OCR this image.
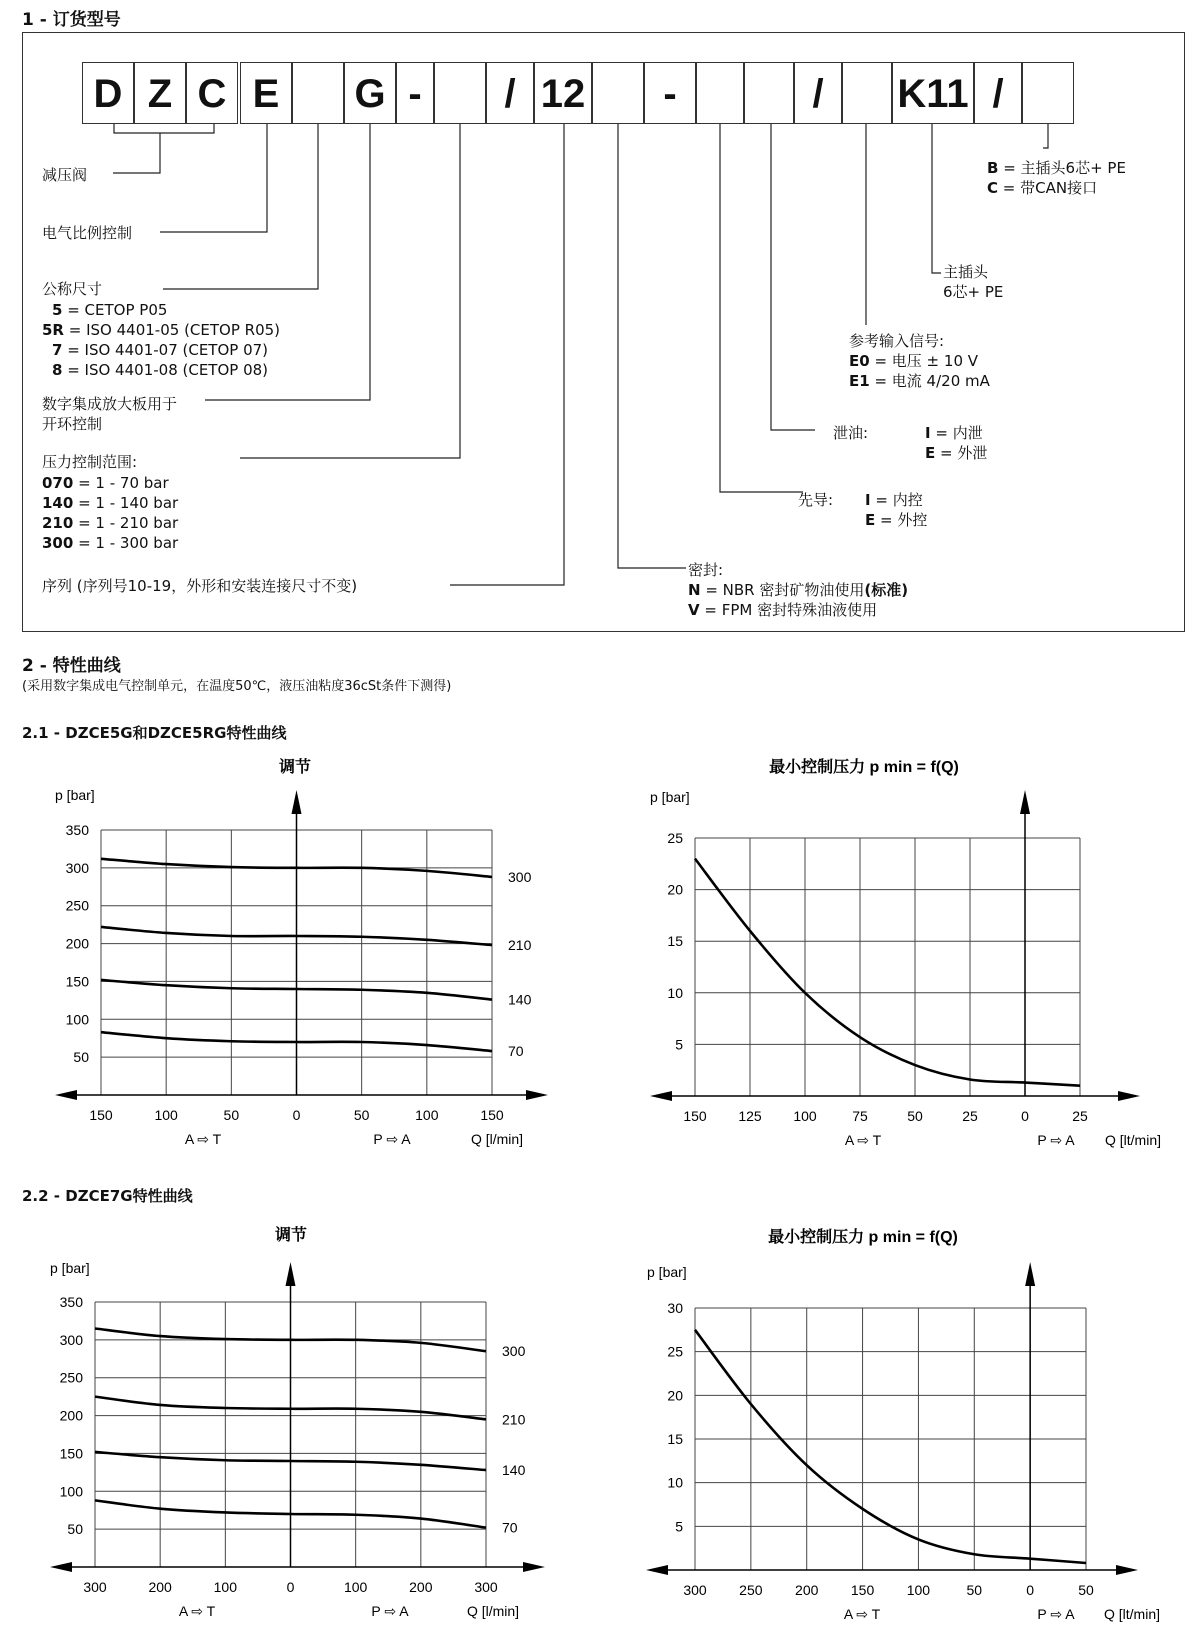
1 - 订货型号
D Z C E	G -	/ 12	-	/	K11 /
减压阀
电气比例控制
公称尺寸
5 = CETOP P05
5R = ISO 4401-05 (CETOP R05)
7 = ISO 4401-07 (CETOP 07)
8 = ISO 4401-08 (CETOP 08)
数字集成放大板用于
开环控制
压力控制范围:
070 = 1 - 70 bar
140 = 1 - 140 bar
210 = 1 - 210 bar
300 = 1 - 300 bar
序列 (序列号10-19，外形和安装连接尺寸不变)
B = 主插头6芯+ PE
C = 带CAN接口
主插头
6芯+ PE
参考输入信号:
E0 = 电压 ± 10 V
E1 = 电流 4/20 mA
泄油:	I = 内泄
E = 外泄
先导: I = 内控
E = 外控
密封:
N = NBR 密封矿物油使用(标准)
V = FPM 密封特殊油液使用
2 - 特性曲线
(采用数字集成电气控制单元，在温度50℃，液压油粘度36cSt条件下测得)
2.1 - DZCE5G和DZCE5RG特性曲线
2.2 - DZCE7G特性曲线
350
300
250
200
150
100
50
150	100	50	0	50	100	150
调节
p [bar]
A ⇨ T	P ⇨ A	Q [l/min]
300
210
140
70
25
20
15
10
5
150 125 100	75	50	25	0	25
最小控制压力 p min = f(Q)
p [bar]
A ⇨ T	P ⇨ A Q [lt/min]
350
300
250
200
150
100
50
300	200	100	0	100	200	300
调节
p [bar]
A ⇨ T	P ⇨ A	Q [l/min]
300
210
140
70
30
25
20
15
10
5
300 250 200 150 100	50	0	50
最小控制压力 p min = f(Q)
p [bar]
A ⇨ T	P ⇨ A Q [lt/min]
